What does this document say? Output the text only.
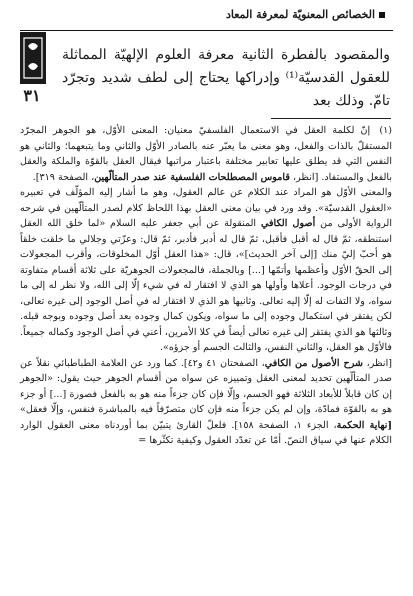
الخصائص المعنويّة لمعرفة المعاد
٣١
والمقصود بالفطرة الثانية معرفة العلوم الإلهيّة المماثلة للعقول القدسيّة⁽¹⁾ وإدراكها يحتاج إلى لطف شديد وتجرّد تامّ. وذلك بعد

(١) إنّ لكلمة العقل في الاستعمال الفلسفيّ معنيان: المعنى الأوّل، هو الجوهر المجرّد المستقلّ بالذات والفعل، وهو معنى ما يعبّر عنه بالصادر الأوّل والثاني وما يتبعهما؛ والثاني هو النفس التي قد يطلق عليها تعابير مختلفة باعتبار مراتبها فيقال العقل بالقوّة والملكة والعقل بالفعل والمستفاد. [انظر، قاموس المصطلحات الفلسفية عند صدر المتألّهين، الصفحة ٣١٩].

والمعنى الأوّل هو المراد عند الكلام عن عالم العقول، وهو ما أشار إليه المؤلّف في تعبيره «العقول القدسيّة». وقد ورد في بيان معنى العقل بهذا اللحاظ كلام لصدر المتألّهين في شرحه الرواية الأولى من أصول الكافي المنقولة عن أبي جعفر عليه السلام «لما خلق الله العقل استنطقه، ثمّ قال له أقبل فأقبل، ثمّ قال له أدبر فأدبر، ثمّ قال: وعزّتي وجلالي ما خلقت خلقاً هو أحبّ إليّ منك [إلى آخر الحديث]»، قال: «هذا العقل أوّل المخلوقات، وأقرب المجعولات إلى الحقّ الأوّل وأعظمها وأتمّها [...] وبالجملة، فالمجعولات الجوهريّة على ثلاثة أقسام متفاوتة في درجات الوجود. أعلاها وأولها هو الذي لا افتقار له في شيء إلّا إلى الله، ولا نظر له إلى ما سواه، ولا التفات له إلّا إليه تعالى. وثانيها هو الذي لا افتقار له في أصل الوجود إلى غيره تعالى، لكن يفتقر في استكمال وجوده إلى ما سواه، ويكون كمال وجوده بعد أصل وجوده وبوجه قبله. وثالثها هو الذي يفتقر إلى غيره تعالى أيضاً في كلا الأمرين، أعني في أصل الوجود وكماله جميعاً. فالأوّل هو العقل، والثاني النفس، والثالث الجسم أو جزؤه».

[انظر، شرح الأصول من الكافي، الصفحتان ٤١ و٤٢]. كما ورد عن العلامة الطباطبائي نقلاً عن صدر المتألّهين تحديد لمعنى العقل وتمييزه عن سواه من أقسام الجوهر حيث يقول: «الجوهر إن كان قابلاً للأبعاد الثلاثة فهو الجسم، وإلّا فإن كان جزءاً منه هو به بالفعل فصورة [...] أو جزء هو به بالقوّة فمادّة، وإن لم يكن جزءاً منه فإن كان متصرّفاً فيه بالمباشرة فنفس، وإلّا فعقل» [نهاية الحكمة، الجزء ١، الصفحة ١٥٨]. فلعلّ القارئ يتبيّن بما أوردناه معنى العقول الوارد الكلام عنها في سياق النصّ. أمّا عن تعدّد العقول وكيفية تكثّرها =
